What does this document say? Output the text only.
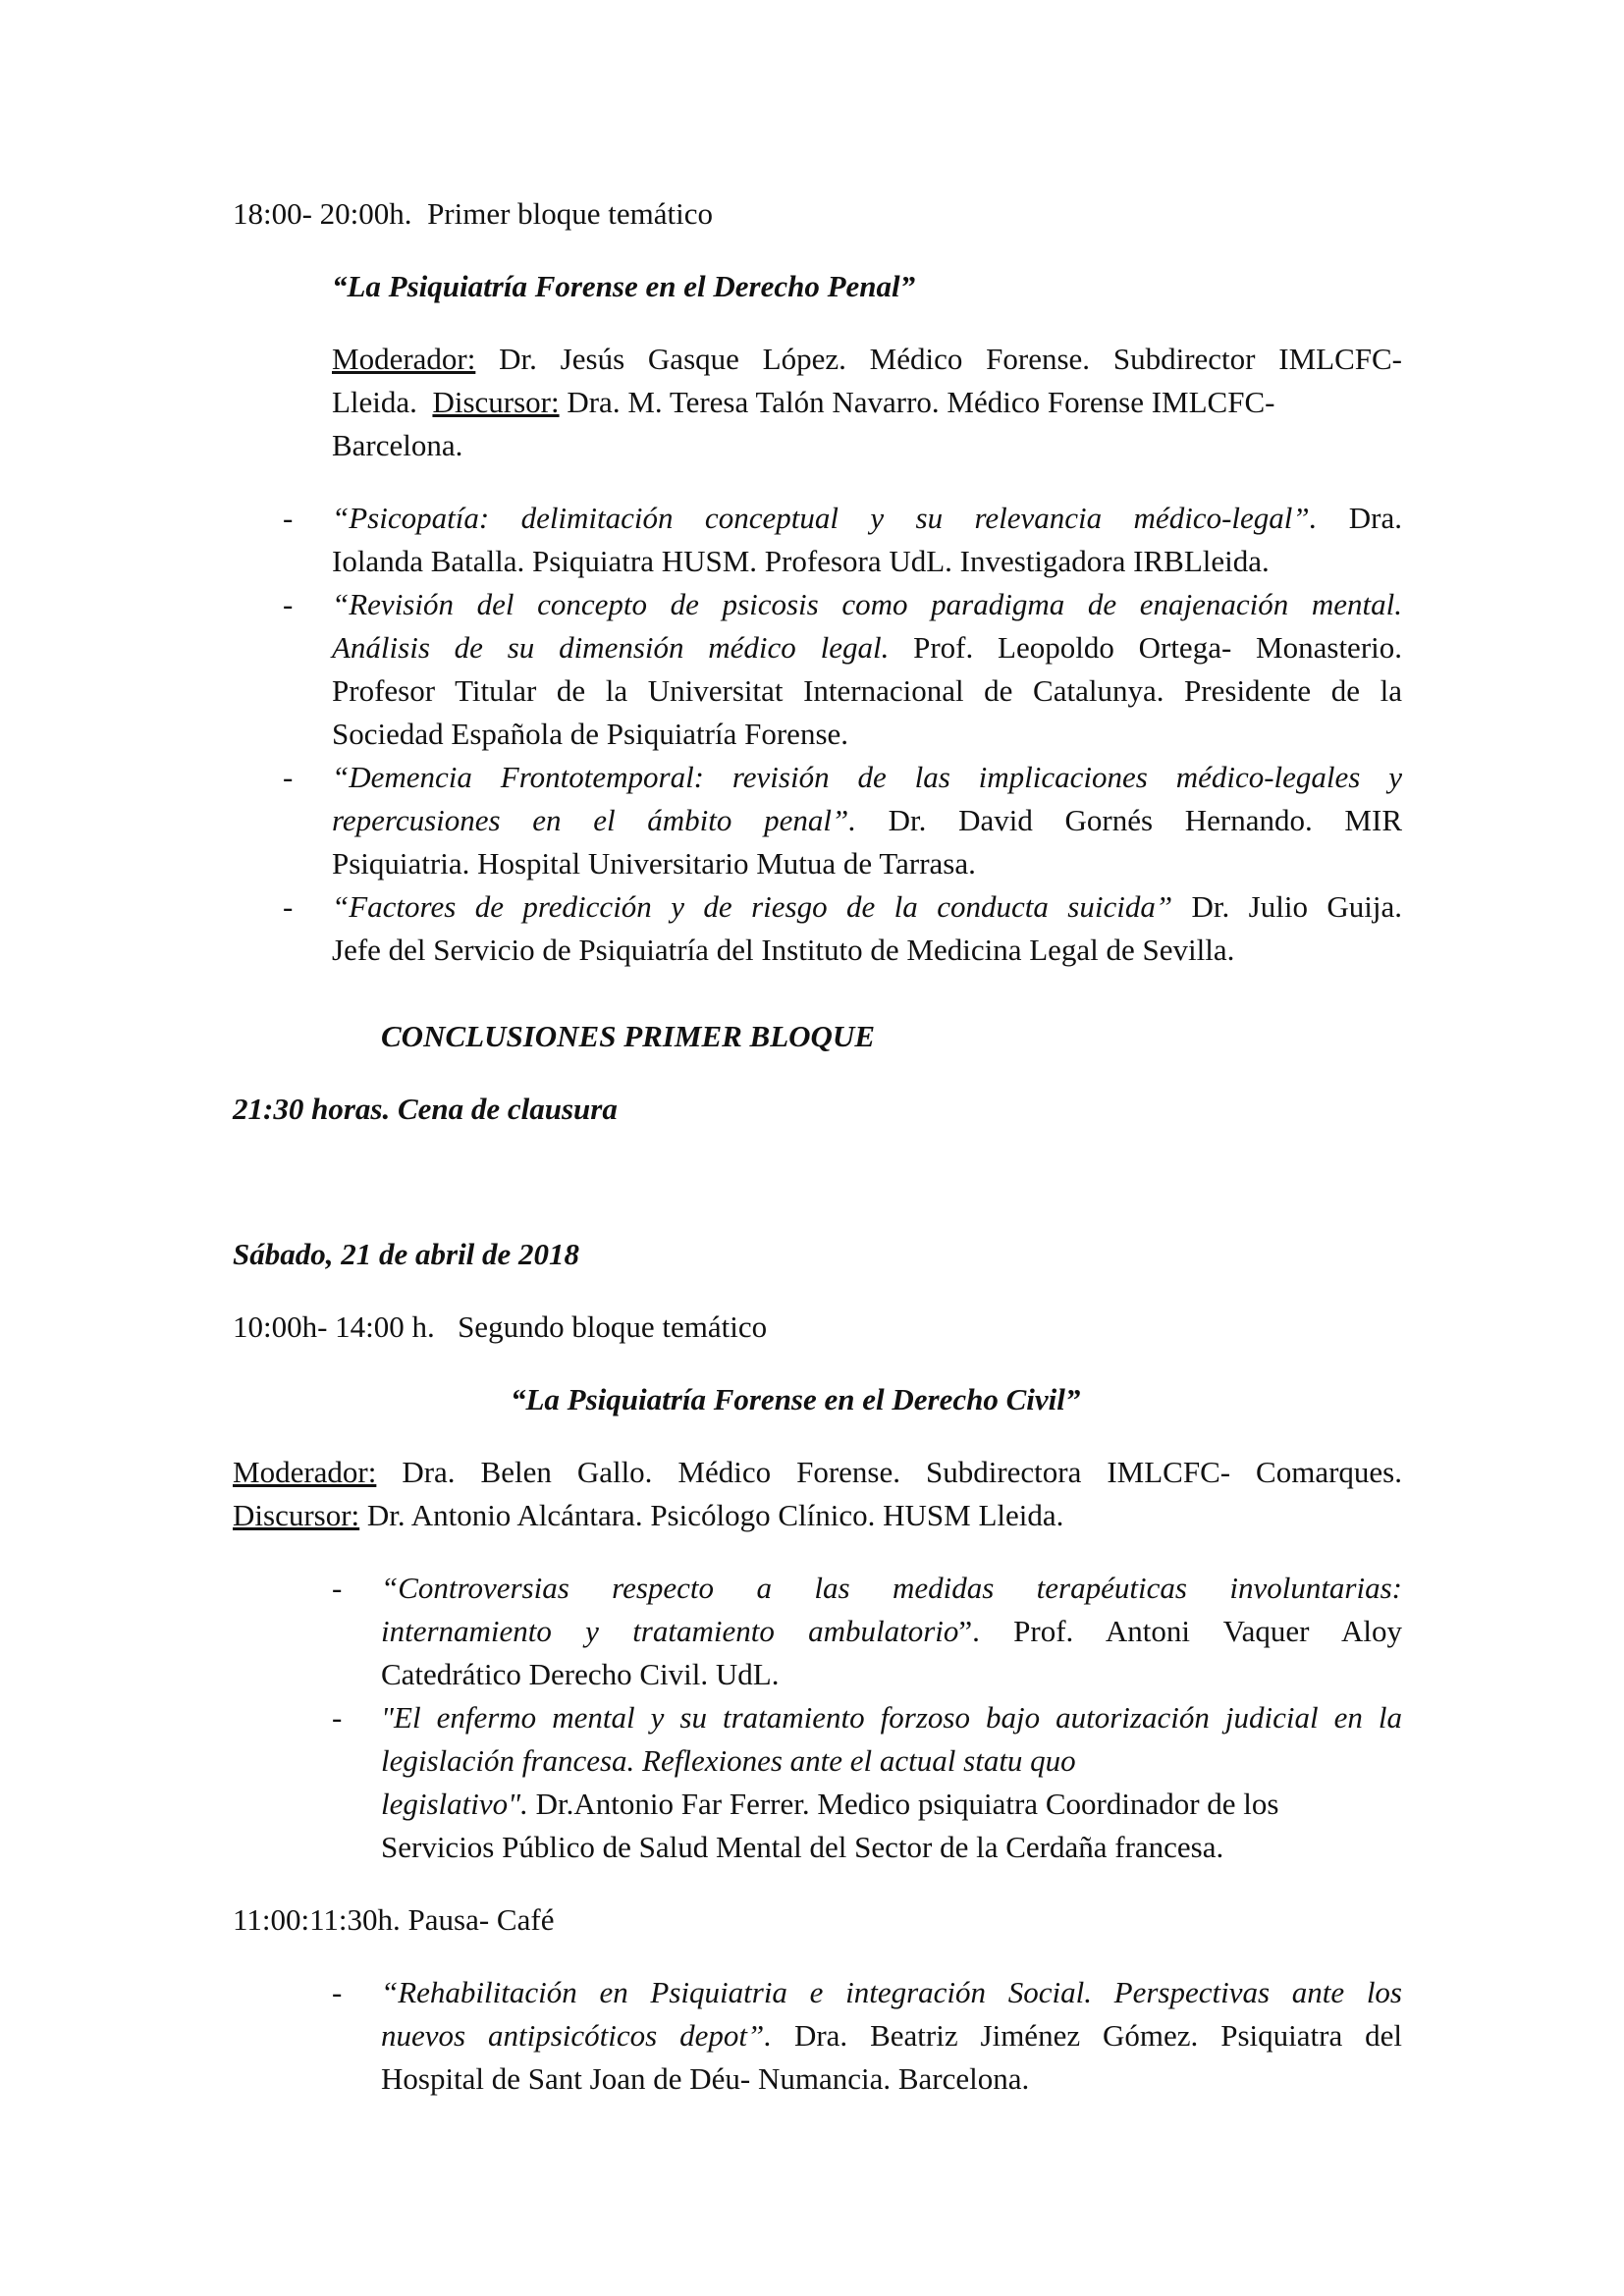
18:00- 20:00h. Primer bloque temático
“La Psiquiatría Forense en el Derecho Penal”

Moderador: Dr. Jesús Gasque López. Médico Forense. Subdirector IMLCFC-

Lleida. Discursor: Dra. M. Teresa Talón Navarro. Médico Forense IMLCFC-

Barcelona.

- “Psicopatía: delimitación conceptual y su relevancia médico-legal”. Dra.

Iolanda Batalla. Psiquiatra HUSM. Profesora UdL. Investigadora IRBLleida.

- “Revisión del concepto de psicosis como paradigma de enajenación mental.

Análisis de su dimensión médico legal. Prof. Leopoldo Ortega- Monasterio.

Profesor Titular de la Universitat Internacional de Catalunya. Presidente de la

Sociedad Española de Psiquiatría Forense.

- “Demencia Frontotemporal: revisión de las implicaciones médico-legales y

repercusiones en el ámbito penal”. Dr. David Gornés Hernando. MIR

Psiquiatria. Hospital Universitario Mutua de Tarrasa.

- “Factores de predicción y de riesgo de la conducta suicida” Dr. Julio Guija.

Jefe del Servicio de Psiquiatría del Instituto de Medicina Legal de Sevilla.

CONCLUSIONES PRIMER BLOQUE
21:30 horas. Cena de clausura
Sábado, 21 de abril de 2018
10:00h- 14:00 h. Segundo bloque temático
“La Psiquiatría Forense en el Derecho Civil”

Moderador: Dra. Belen Gallo. Médico Forense. Subdirectora IMLCFC- Comarques.

Discursor: Dr. Antonio Alcántara. Psicólogo Clínico. HUSM Lleida.

- “Controversias respecto a las medidas terapéuticas involuntarias:

internamiento y tratamiento ambulatorio”. Prof. Antoni Vaquer Aloy

Catedrático Derecho Civil. UdL.

- "El enfermo mental y su tratamiento forzoso bajo autorización judicial en la

legislación francesa. Reflexiones ante el actual statu quo

legislativo". Dr.Antonio Far Ferrer. Medico psiquiatra Coordinador de los

Servicios Público de Salud Mental del Sector de la Cerdaña francesa.

11:00:11:30h. Pausa- Café
- “Rehabilitación en Psiquiatria e integración Social. Perspectivas ante los

nuevos antipsicóticos depot”. Dra. Beatriz Jiménez Gómez. Psiquiatra del

Hospital de Sant Joan de Déu- Numancia. Barcelona.
